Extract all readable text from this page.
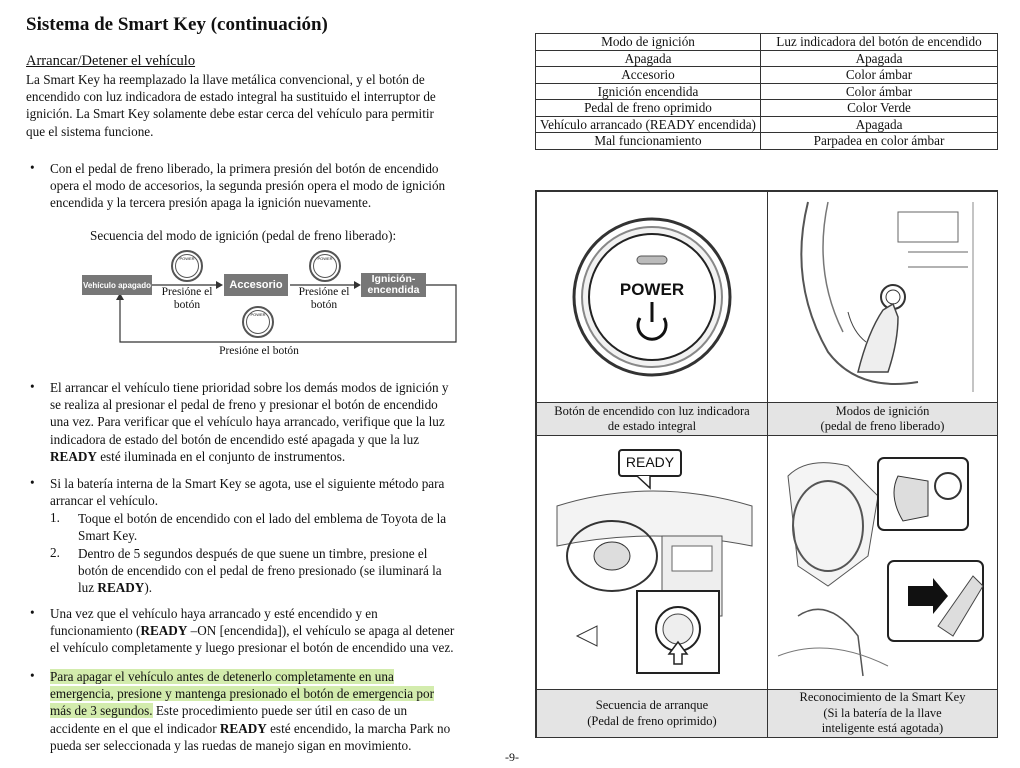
Sistema de Smart Key (continuación)
Arrancar/Detener el vehículo
La Smart Key ha reemplazado la llave metálica convencional, y el botón de
encendido con luz indicadora de estado integral ha sustituido el interruptor de
ignición. La Smart Key solamente debe estar cerca del vehículo para permitir
que el sistema funcione.
• Con el pedal de freno liberado, la primera presión del botón de encendido
opera el modo de accesorios, la segunda presión opera el modo de ignición
encendida y la tercera presión apaga la ignición nuevamente.
Secuencia del modo de ignición (pedal de freno liberado):
Vehículo apagado	Accesorio	Ignición- encendida
POWER
Presióne el botón
POWER
Presióne el botón
POWER
Presióne el botón
• El arrancar el vehículo tiene prioridad sobre los demás modos de ignición y
se realiza al presionar el pedal de freno y presionar el botón de encendido
una vez. Para verificar que el vehículo haya arrancado, verifique que la luz
indicadora de estado del botón de encendido esté apagada y que la luz
READY esté iluminada en el conjunto de instrumentos.
• Si la batería interna de la Smart Key se agota, use el siguiente método para
arrancar el vehículo.
1. Toque el botón de encendido con el lado del emblema de Toyota de la
Smart Key.
2. Dentro de 5 segundos después de que suene un timbre, presione el
botón de encendido con el pedal de freno presionado (se iluminará la
luz READY).
• Una vez que el vehículo haya arrancado y esté encendido y en
funcionamiento (READY –ON [encendida]), el vehículo se apaga al detener
el vehículo completamente y luego presionar el botón de encendido una vez.
• Para apagar el vehículo antes de detenerlo completamente en una
emergencia, presione y mantenga presionado el botón de emergencia por
más de 3 segundos. Este procedimiento puede ser útil en caso de un
accidente en el que el indicador READY esté encendido, la marcha Park no
pueda ser seleccionada y las ruedas de manejo sigan en movimiento.
Modo de ignición	Luz indicadora del botón de encendido
Apagada	Apagada
Accesorio	Color ámbar
Ignición encendida	Color ámbar
Pedal de freno oprimido	Color Verde
Vehículo arrancado (READY encendida)	Apagada
Mal funcionamiento	Parpadea en color ámbar
POWER
Botón de encendido con luz indicadora
de estado integral
Modos de ignición
(pedal de freno liberado)
READY
Secuencia de arranque
(Pedal de freno oprimido)
Reconocimiento de la Smart Key
(Si la batería de la llave
inteligente está agotada)
-9-
